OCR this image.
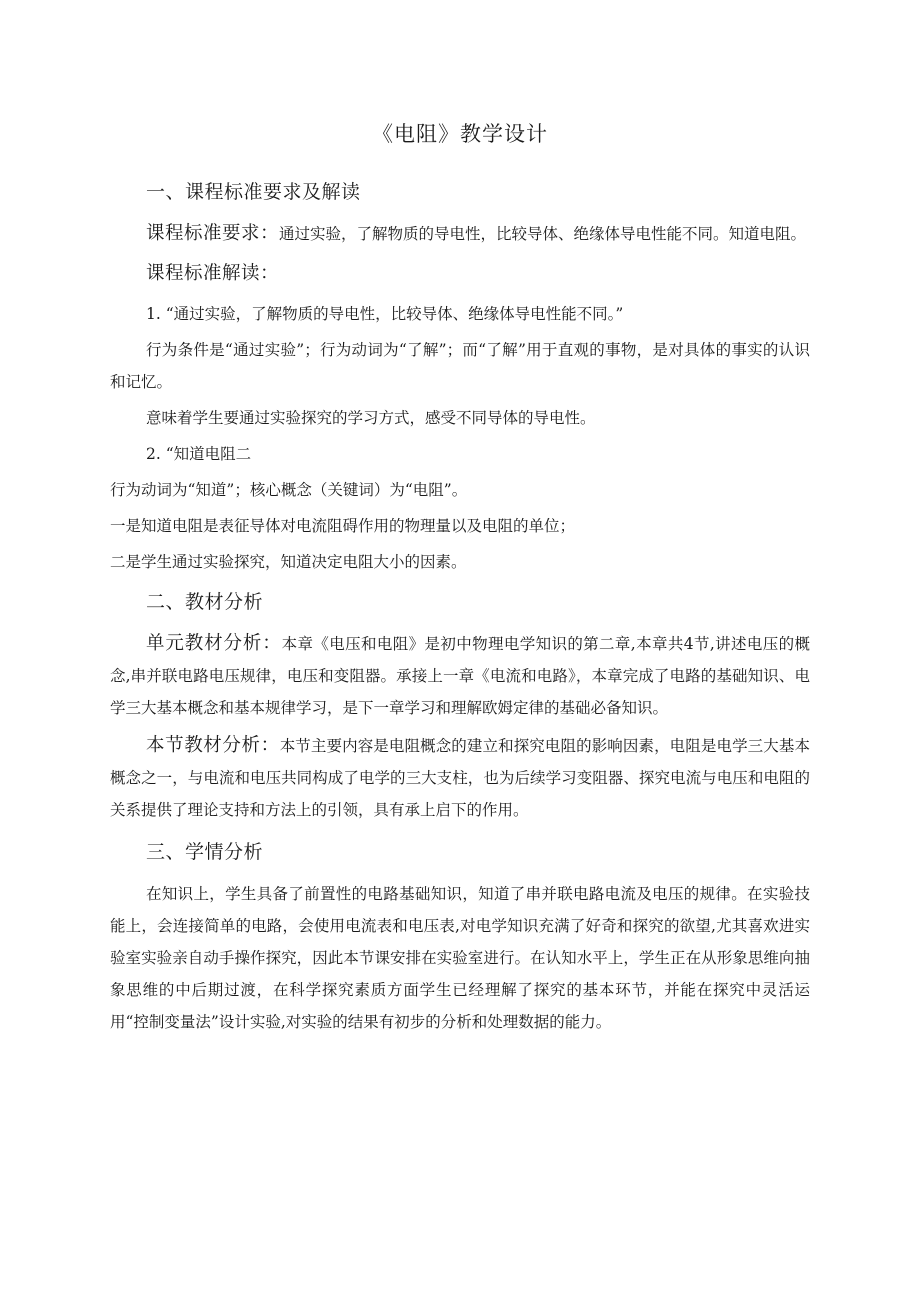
《电阻》教学设计
一、课程标准要求及解读

课程标准要求：通过实验，了解物质的导电性，比较导体、绝缘体导电性能不同。知道电阻。

课程标准解读：

1. “通过实验，了解物质的导电性，比较导体、绝缘体导电性能不同。”

行为条件是“通过实验”；行为动词为“了解”；而“了解”用于直观的事物，是对具体的事实的认识和记忆。

意味着学生要通过实验探究的学习方式，感受不同导体的导电性。

2. “知道电阻二

行为动词为“知道”；核心概念（关键词）为“电阻”。

一是知道电阻是表征导体对电流阻碍作用的物理量以及电阻的单位；

二是学生通过实验探究，知道决定电阻大小的因素。

二、教材分析

单元教材分析：本章《电压和电阻》是初中物理电学知识的第二章,本章共4节,讲述电压的概念,串并联电路电压规律，电压和变阻器。承接上一章《电流和电路》，本章完成了电路的基础知识、电学三大基本概念和基本规律学习，是下一章学习和理解欧姆定律的基础必备知识。

本节教材分析：本节主要内容是电阻概念的建立和探究电阻的影响因素，电阻是电学三大基本概念之一，与电流和电压共同构成了电学的三大支柱，也为后续学习变阻器、探究电流与电压和电阻的关系提供了理论支持和方法上的引领，具有承上启下的作用。

三、学情分析

在知识上，学生具备了前置性的电路基础知识，知道了串并联电路电流及电压的规律。在实验技能上，会连接简单的电路，会使用电流表和电压表,对电学知识充满了好奇和探究的欲望,尤其喜欢进实验室实验亲自动手操作探究，因此本节课安排在实验室进行。在认知水平上，学生正在从形象思维向抽象思维的中后期过渡，在科学探究素质方面学生已经理解了探究的基本环节，并能在探究中灵活运用“控制变量法”设计实验,对实验的结果有初步的分析和处理数据的能力。
